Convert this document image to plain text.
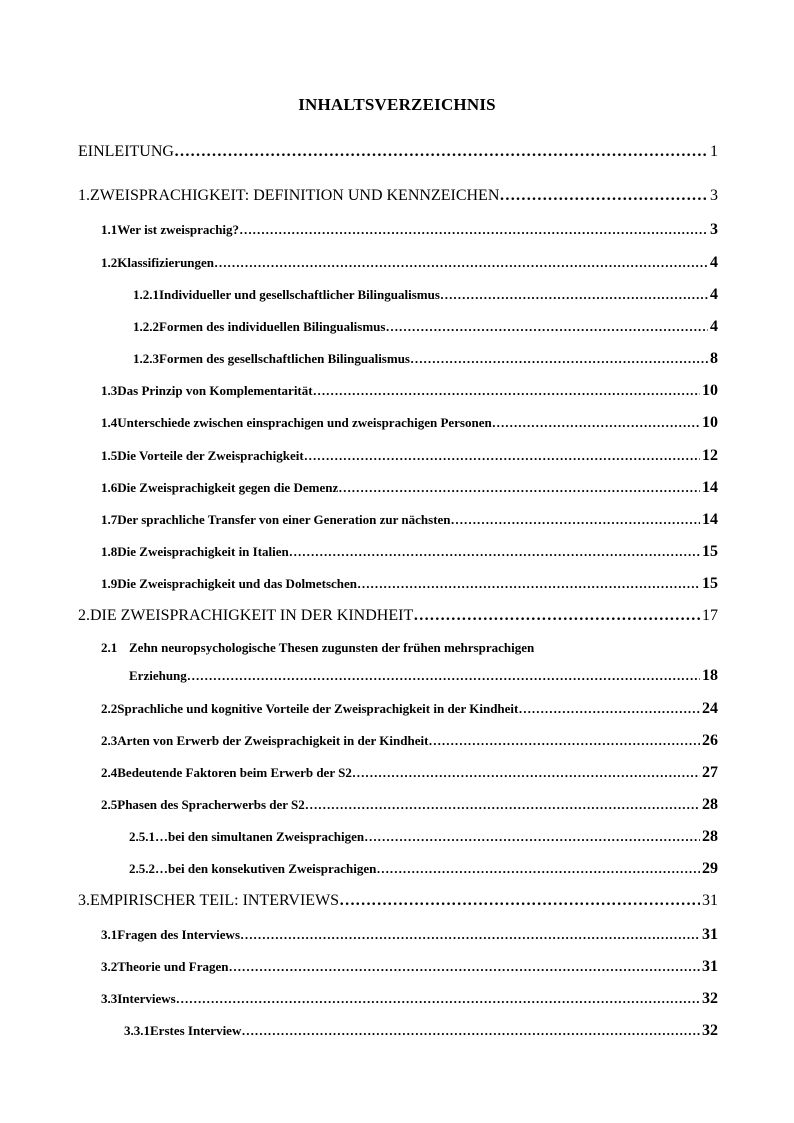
INHALTSVERZEICHNIS
EINLEITUNG ……………………………………………………………………………………………………………………………………………………………………………………………………………………	1
1. ZWEISPRACHIGKEIT: DEFINITION UND KENNZEICHEN ……………………………………………………………………………………………………………………………………………………………………………………………………………………	3
1.1 Wer ist zweisprachig? ……………………………………………………………………………………………………………………………………………………………………………………………………………………	3
1.2 Klassifizierungen ……………………………………………………………………………………………………………………………………………………………………………………………………………………	4
1.2.1 Individueller und gesellschaftlicher Bilingualismus ……………………………………………………………………………………………………………………………………………………………………………………………………………………	4
1.2.2 Formen des individuellen Bilingualismus ……………………………………………………………………………………………………………………………………………………………………………………………………………………	4
1.2.3 Formen des gesellschaftlichen Bilingualismus ……………………………………………………………………………………………………………………………………………………………………………………………………………………	8
1.3 Das Prinzip von Komplementarität ……………………………………………………………………………………………………………………………………………………………………………………………………………………	10
1.4 Unterschiede zwischen einsprachigen und zweisprachigen Personen ……………………………………………………………………………………………………………………………………………………………………………………………………………………	10
1.5 Die Vorteile der Zweisprachigkeit ……………………………………………………………………………………………………………………………………………………………………………………………………………………	12
1.6 Die Zweisprachigkeit gegen die Demenz ……………………………………………………………………………………………………………………………………………………………………………………………………………………	14
1.7 Der sprachliche Transfer von einer Generation zur nächsten ……………………………………………………………………………………………………………………………………………………………………………………………………………………	14
1.8 Die Zweisprachigkeit in Italien ……………………………………………………………………………………………………………………………………………………………………………………………………………………	15
1.9 Die Zweisprachigkeit und das Dolmetschen ……………………………………………………………………………………………………………………………………………………………………………………………………………………	15
2. DIE ZWEISPRACHIGKEIT IN DER KINDHEIT ……………………………………………………………………………………………………………………………………………………………………………………………………………………	17
2.1 Zehn neuropsychologische Thesen zugunsten der frühen mehrsprachigen
Erziehung ……………………………………………………………………………………………………………………………………………………………………………………………………………………	18
2.2 Sprachliche und kognitive Vorteile der Zweisprachigkeit in der Kindheit ……………………………………………………………………………………………………………………………………………………………………………………………………………………	24
2.3 Arten von Erwerb der Zweisprachigkeit in der Kindheit ……………………………………………………………………………………………………………………………………………………………………………………………………………………	26
2.4 Bedeutende Faktoren beim Erwerb der S2 ……………………………………………………………………………………………………………………………………………………………………………………………………………………	27
2.5 Phasen des Spracherwerbs der S2 ……………………………………………………………………………………………………………………………………………………………………………………………………………………	28
2.5.1 …bei den simultanen Zweisprachigen ……………………………………………………………………………………………………………………………………………………………………………………………………………………	28
2.5.2 …bei den konsekutiven Zweisprachigen ……………………………………………………………………………………………………………………………………………………………………………………………………………………	29
3. EMPIRISCHER TEIL: INTERVIEWS ……………………………………………………………………………………………………………………………………………………………………………………………………………………	31
3.1 Fragen des Interviews ……………………………………………………………………………………………………………………………………………………………………………………………………………………	31
3.2 Theorie und Fragen ……………………………………………………………………………………………………………………………………………………………………………………………………………………	31
3.3 Interviews ……………………………………………………………………………………………………………………………………………………………………………………………………………………	32
3.3.1 Erstes Interview ……………………………………………………………………………………………………………………………………………………………………………………………………………………	32
